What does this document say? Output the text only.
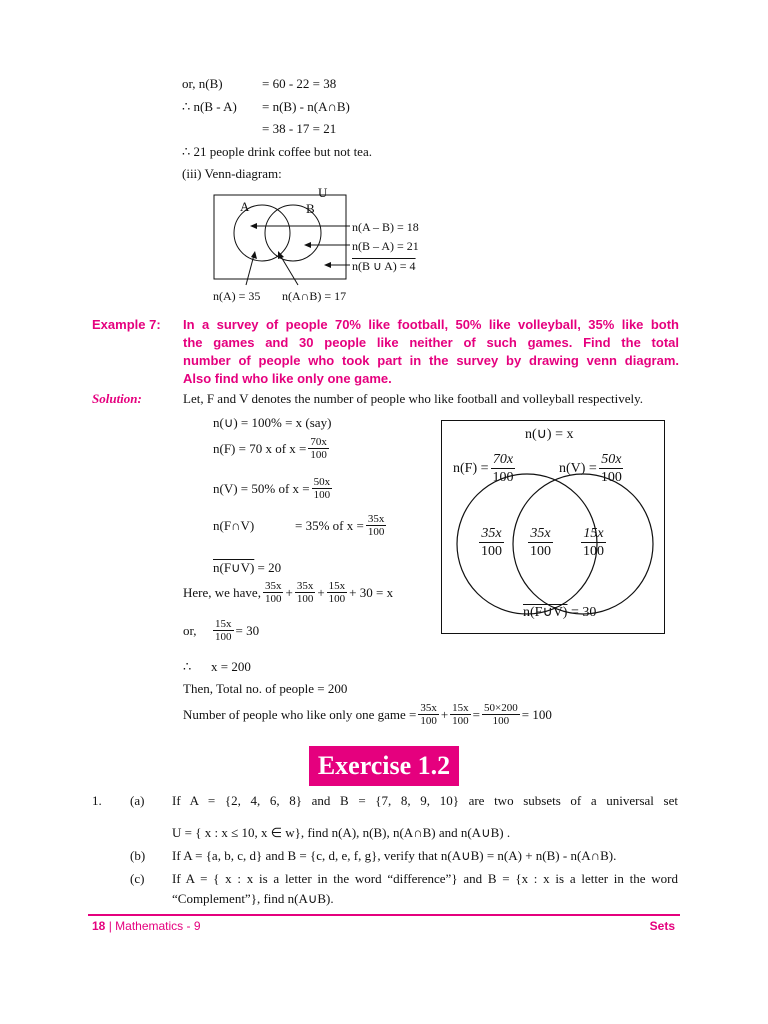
or, n(B)	= 60 - 22 = 38
∴ n(B - A) = n(B) - n(A∩B)
= 38 - 17 = 21
∴ 21 people drink coffee but not tea.
(iii) Venn-diagram:
U
A	B
n(A – B) = 18
n(B – A) = 21
n(B ∪ A) = 4
n(A) = 35 n(A∩B) = 17
Example 7: In a survey of people 70% like football, 50% like volleyball, 35% like both
the games and 30 people like neither of such games. Find the total
number of people who took part in the survey by drawing venn diagram.
Also find who like only one game.
Solution:	Let, F and V denotes the number of people who like football and volleyball respectively.
n(∪) = 100% = x (say)
n(F) = 70 x of $x = \frac{70x}{100}$
n(V) = 50% of $x = \frac{50x}{100}$
n(F∩V)	= 35% of $x = \frac{35x}{100}$
n(F∪V) = 20
Here, we have, $\frac{35x}{100} + \frac{35x}{100} + \frac{15x}{100} + 30 = x$
or,	$\frac{15x}{100} = 30$
∴ x = 200
Then, Total no. of people = 200
Number of people who like only one game = $\frac{35x}{100} + \frac{15x}{100} = \frac{50\times 200}{100} = 100$
n(∪) = x
$n(F) = \frac{70x}{100}$	$n(V) = \frac{50x}{100}$
$\frac{35x}{100} \frac{35x}{100} \frac{15x}{100}$
n(F∪V) = 30
Exercise 1.2
1. (a) If A = {2, 4, 6, 8} and B = {7, 8, 9, 10} are two subsets of a universal set
U = { x : x ≤ 10, x ∈ w}, find n(A), n(B), n(A∩B) and n(A∪B) .
(b) If A = {a, b, c, d} and B = {c, d, e, f, g}, verify that n(A∪B) = n(A) + n(B) - n(A∩B).
(c) If A = { x : x is a letter in the word “difference”} and B = {x : x is a letter in the word
“Complement”}, find n(A∪B).
18 | Mathematics - 9	Sets
